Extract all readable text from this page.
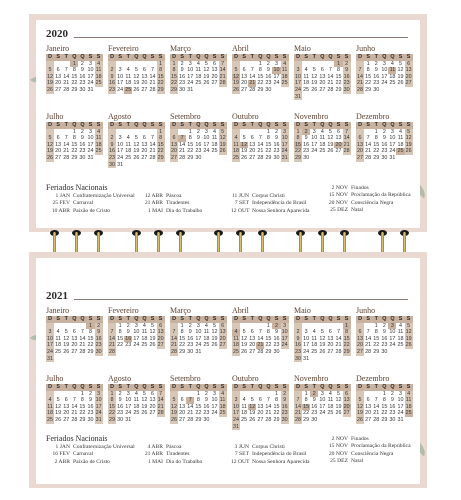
2020
Janeiro
D S T Q Q S S
1 2 3 4
5 6 7 8 9 10 11
12 13 14 15 16 17 18
19 20 21 22 23 24 25
26 27 28 29 30 31
Fevereiro
D S T Q Q S S
1
2 3 4 5 6 7 8
9 10 11 12 13 14 15
16 17 18 19 20 21 22
23 24 25 26 27 28 29
Março
D S T Q Q S S
1 2 3 4 5 6 7
8 9 10 11 12 13 14
15 16 17 18 19 20 21
22 23 24 25 26 27 28
29 30 31
Abril
D S T Q Q S S
1 2 3 4
5 6 7 8 9 10 11
12 13 14 15 16 17 18
19 20 21 22 23 24 25
26 27 28 29 30
Maio
D S T Q Q S S
1 2
3 4 5 6 7 8 9
10 11 12 13 14 15 16
17 18 19 20 21 22 23
24 25 26 27 28 29 30
31
Junho
D S T Q Q S S
1 2 3 4 5 6
7 8 9 10 11 12 13
14 15 16 17 18 19 20
21 22 23 24 25 26 27
28 29 30
Julho
D S T Q Q S S
1 2 3 4
5 6 7 8 9 10 11
12 13 14 15 16 17 18
19 20 21 22 23 24 25
26 27 28 29 30 31
Agosto
D S T Q Q S S
1
2 3 4 5 6 7 8
9 10 11 12 13 14 15
16 17 18 19 20 21 22
23 24 25 26 27 28 29
30 31
Setembro
D S T Q Q S S
1 2 3 4 5
6 7 8 9 10 11 12
13 14 15 16 17 18 19
20 21 22 23 24 25 26
27 28 29 30
Outubro
D S T Q Q S S
1 2 3
4 5 6 7 8 9 10
11 12 13 14 15 16 17
18 19 20 21 22 23 24
25 26 27 28 29 30 31
Novembro
D S T Q Q S S
1 2 3 4 5 6 7
8 9 10 11 12 13 14
15 16 17 18 19 20 21
22 23 24 25 26 27 28
29 30
Dezembro
D S T Q Q S S
1 2 3 4 5
6 7 8 9 10 11 12
13 14 15 16 17 18 19
20 21 22 23 24 25 26
27 28 29 30 31
Feriados Nacionais
1 JAN Confraternização Universal
25 FEV Carnaval
10 ABR Paixão de Cristo
12 ABR Páscoa
21 ABR Tiradentes
1 MAI Dia do Trabalho
11 JUN Corpus Christi
7 SET Independência do Brasil
12 OUT Nossa Senhora Aparecida
2 NOV Finados
15 NOV Proclamação da República
20 NOV Consciência Negra
25 DEZ Natal
2021
Janeiro
D S T Q Q S S
1 2
3 4 5 6 7 8 9
10 11 12 13 14 15 16
17 18 19 20 21 22 23
24 25 26 27 28 29 30
31
Fevereiro
D S T Q Q S S
1 2 3 4 5 6
7 8 9 10 11 12 13
14 15 16 17 18 19 20
21 22 23 24 25 26 27
28
Março
D S T Q Q S S
1 2 3 4 5 6
7 8 9 10 11 12 13
14 15 16 17 18 19 20
21 22 23 24 25 26 27
28 29 30 31
Abril
D S T Q Q S S
1 2 3
4 5 6 7 8 9 10
11 12 13 14 15 16 17
18 19 20 21 22 23 24
25 26 27 28 29 30
Maio
D S T Q Q S S
1
2 3 4 5 6 7 8
9 10 11 12 13 14 15
16 17 18 19 20 21 22
23 24 25 26 27 28 29
30 31
Junho
D S T Q Q S S
1 2 3 4 5
6 7 8 9 10 11 12
13 14 15 16 17 18 19
20 21 22 23 24 25 26
27 28 29 30
Julho
D S T Q Q S S
1 2 3
4 5 6 7 8 9 10
11 12 13 14 15 16 17
18 19 20 21 22 23 24
25 26 27 28 29 30 31
Agosto
D S T Q Q S S
1 2 3 4 5 6 7
8 9 10 11 12 13 14
15 16 17 18 19 20 21
22 23 24 25 26 27 28
29 30 31
Setembro
D S T Q Q S S
1 2 3 4
5 6 7 8 9 10 11
12 13 14 15 16 17 18
19 20 21 22 23 24 25
26 27 28 29 30
Outubro
D S T Q Q S S
1 2
3 4 5 6 7 8 9
10 11 12 13 14 15 16
17 18 19 20 21 22 23
24 25 26 27 28 29 30
31
Novembro
D S T Q Q S S
1 2 3 4 5 6
7 8 9 10 11 12 13
14 15 16 17 18 19 20
21 22 23 24 25 26 27
28 29 30
Dezembro
D S T Q Q S S
1 2 3 4
5 6 7 8 9 10 11
12 13 14 15 16 17 18
19 20 21 22 23 24 25
26 27 28 29 30 31
Feriados Nacionais
1 JAN Confraternização Universal
16 FEV Carnaval
2 ABR Paixão de Cristo
4 ABR Páscoa
21 ABR Tiradentes
1 MAI Dia do Trabalho
3 JUN Corpus Christi
7 SET Independência do Brasil
12 OUT Nossa Senhora Aparecida
2 NOV Finados
15 NOV Proclamação da República
20 NOV Consciência Negra
25 DEZ Natal
